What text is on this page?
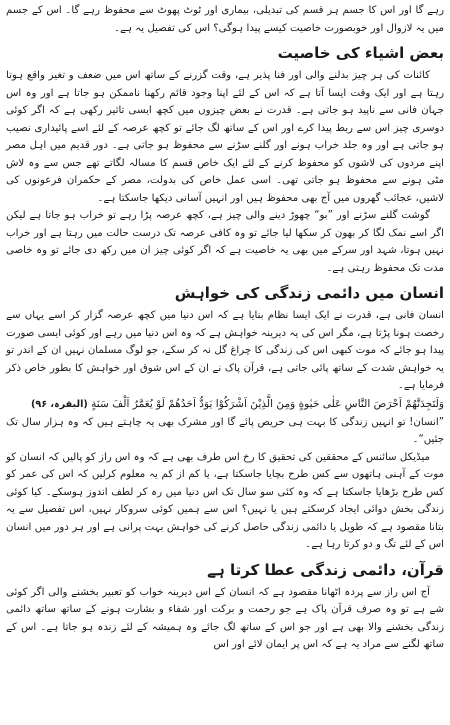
رہے گا اور اس کا جسم ہر قسم کی تبدیلی، بیماری اور ٹوٹ پھوٹ سے محفوظ رہے گا۔ اس کے جسم میں یہ لازوال اور خوبصورت خاصیت کیسے پیدا ہوگی؟ اس کی تفصیل یہ ہے۔

بعض اشیاء کی خاصیت

کائنات کی ہر چیز بدلنے والی اور فنا پذیر ہے، وقت گزرنے کے ساتھ اس میں ضعف و تغیر واقع ہوتا رہتا ہے اور ایک وقت ایسا آتا ہے کہ اس کے لئے اپنا وجود قائم رکھنا ناممکن ہو جاتا ہے اور وہ اس جہان فانی سے ناپید ہو جاتی ہے۔ قدرت نے بعض چیزوں میں کچھ ایسی تاثیر رکھی ہے کہ اگر کوئی دوسری چیز اس سے ربط پیدا کرے اور اس کے ساتھ لگ جائے تو کچھ عرصہ کے لئے اسے پائیداری نصیب ہو جاتی ہے اور وہ جلد خراب ہونے اور گلنے سڑنے سے محفوظ ہو جاتی ہے۔ دور قدیم میں اہل مصر اپنے مردوں کی لاشوں کو محفوظ کرنے کے لئے ایک خاص قسم کا مسالہ لگاتے تھے جس سے وہ لاش مٹی ہونے سے محفوظ ہو جاتی تھی۔ اسی عمل خاص کی بدولت، مصر کے حکمران فرعونوں کی لاشیں، عجائب گھروں میں آج بھی محفوظ ہیں اور انہیں آسانی دیکھا جاسکتا ہے۔

گوشت گلنے سڑنے اور ”بو“ چھوڑ دینے والی چیز ہے، کچھ عرصہ پڑا رہے تو خراب ہو جاتا ہے لیکن اگر اسے نمک لگا کر بھون کر سکھا لیا جائے تو وہ کافی عرصہ تک درست حالت میں رہتا ہے اور خراب نہیں ہوتا، شہد اور سرکے میں بھی یہ خاصیت ہے کہ اگر کوئی چیز ان میں رکھ دی جائے تو وہ خاصی مدت تک محفوظ رہتی ہے۔

انسان میں دائمی زندگی کی خواہش

انسان فانی ہے، قدرت نے ایک ایسا نظام بنایا ہے کہ اس دنیا میں کچھ عرصہ گزار کر اسے یہاں سے رخصت ہونا پڑتا ہے، مگر اس کی یہ دیرینہ خواہش ہے کہ وہ اس دنیا میں رہے اور کوئی ایسی صورت پیدا ہو جائے کہ موت کبھی اس کی زندگی کا چراغ گل نہ کر سکے، جو لوگ مسلمان نہیں ان کے اندر تو یہ خواہش شدت کے ساتھ پائی جاتی ہے، قرآن پاک نے ان کے اس شوق اور خواہش کا بطور خاص ذکر فرمایا ہے۔

وَلَتَجِدَنَّهُمْ اَحْرَصَ النَّاسِ عَلٰى حَيٰوةٍ وَمِنَ الَّذِيْنَ اَشْرَكُوْا يَوَدُّ اَحَدُهُمْ لَوْ يُعَمَّرُ اَلْفَ سَنَةٍ (البقرہ، ۹۶)

”انسان! تو انہیں زندگی کا بہت ہی حریص پائے گا اور مشرک بھی یہ چاہتے ہیں کہ وہ ہزار سال تک جئیں“۔

میڈیکل سائنس کے محققین کی تحقیق کا رخ اس طرف بھی ہے کہ وہ اس راز کو پالیں کہ انسان کو موت کے آہنی ہاتھوں سے کس طرح بچایا جاسکتا ہے، یا کم از کم یہ معلوم کرلیں کہ اس کی عمر کو کس طرح بڑھایا جاسکتا ہے کہ وہ کئی سو سال تک اس دنیا میں رہ کر لطف اندوز ہوسکے۔ کیا کوئی زندگی بخش دوائی ایجاد کرسکتے ہیں یا نہیں؟ اس سے ہمیں کوئی سروکار نہیں، اس تفصیل سے یہ بتانا مقصود ہے کہ طویل یا دائمی زندگی حاصل کرنے کی خواہش بہت پرانی ہے اور ہر دور میں انسان اس کے لئے تگ و دو کرتا رہا ہے۔

قرآن، دائمی زندگی عطا کرتا ہے

آج اس راز سے پردہ اٹھانا مقصود ہے کہ انسان کے اس دیرینہ خواب کو تعبیر بخشنے والی اگر کوئی شے ہے تو وہ صرف قرآن پاک ہے جو رحمت و برکت اور شفاء و بشارت ہونے کے ساتھ ساتھ دائمی زندگی بخشنے والا بھی ہے اور جو اس کے ساتھ لگ جائے وہ ہمیشہ کے لئے زندہ ہو جاتا ہے۔ اس کے ساتھ لگنے سے مراد یہ ہے کہ اس پر ایمان لائے اور اس
